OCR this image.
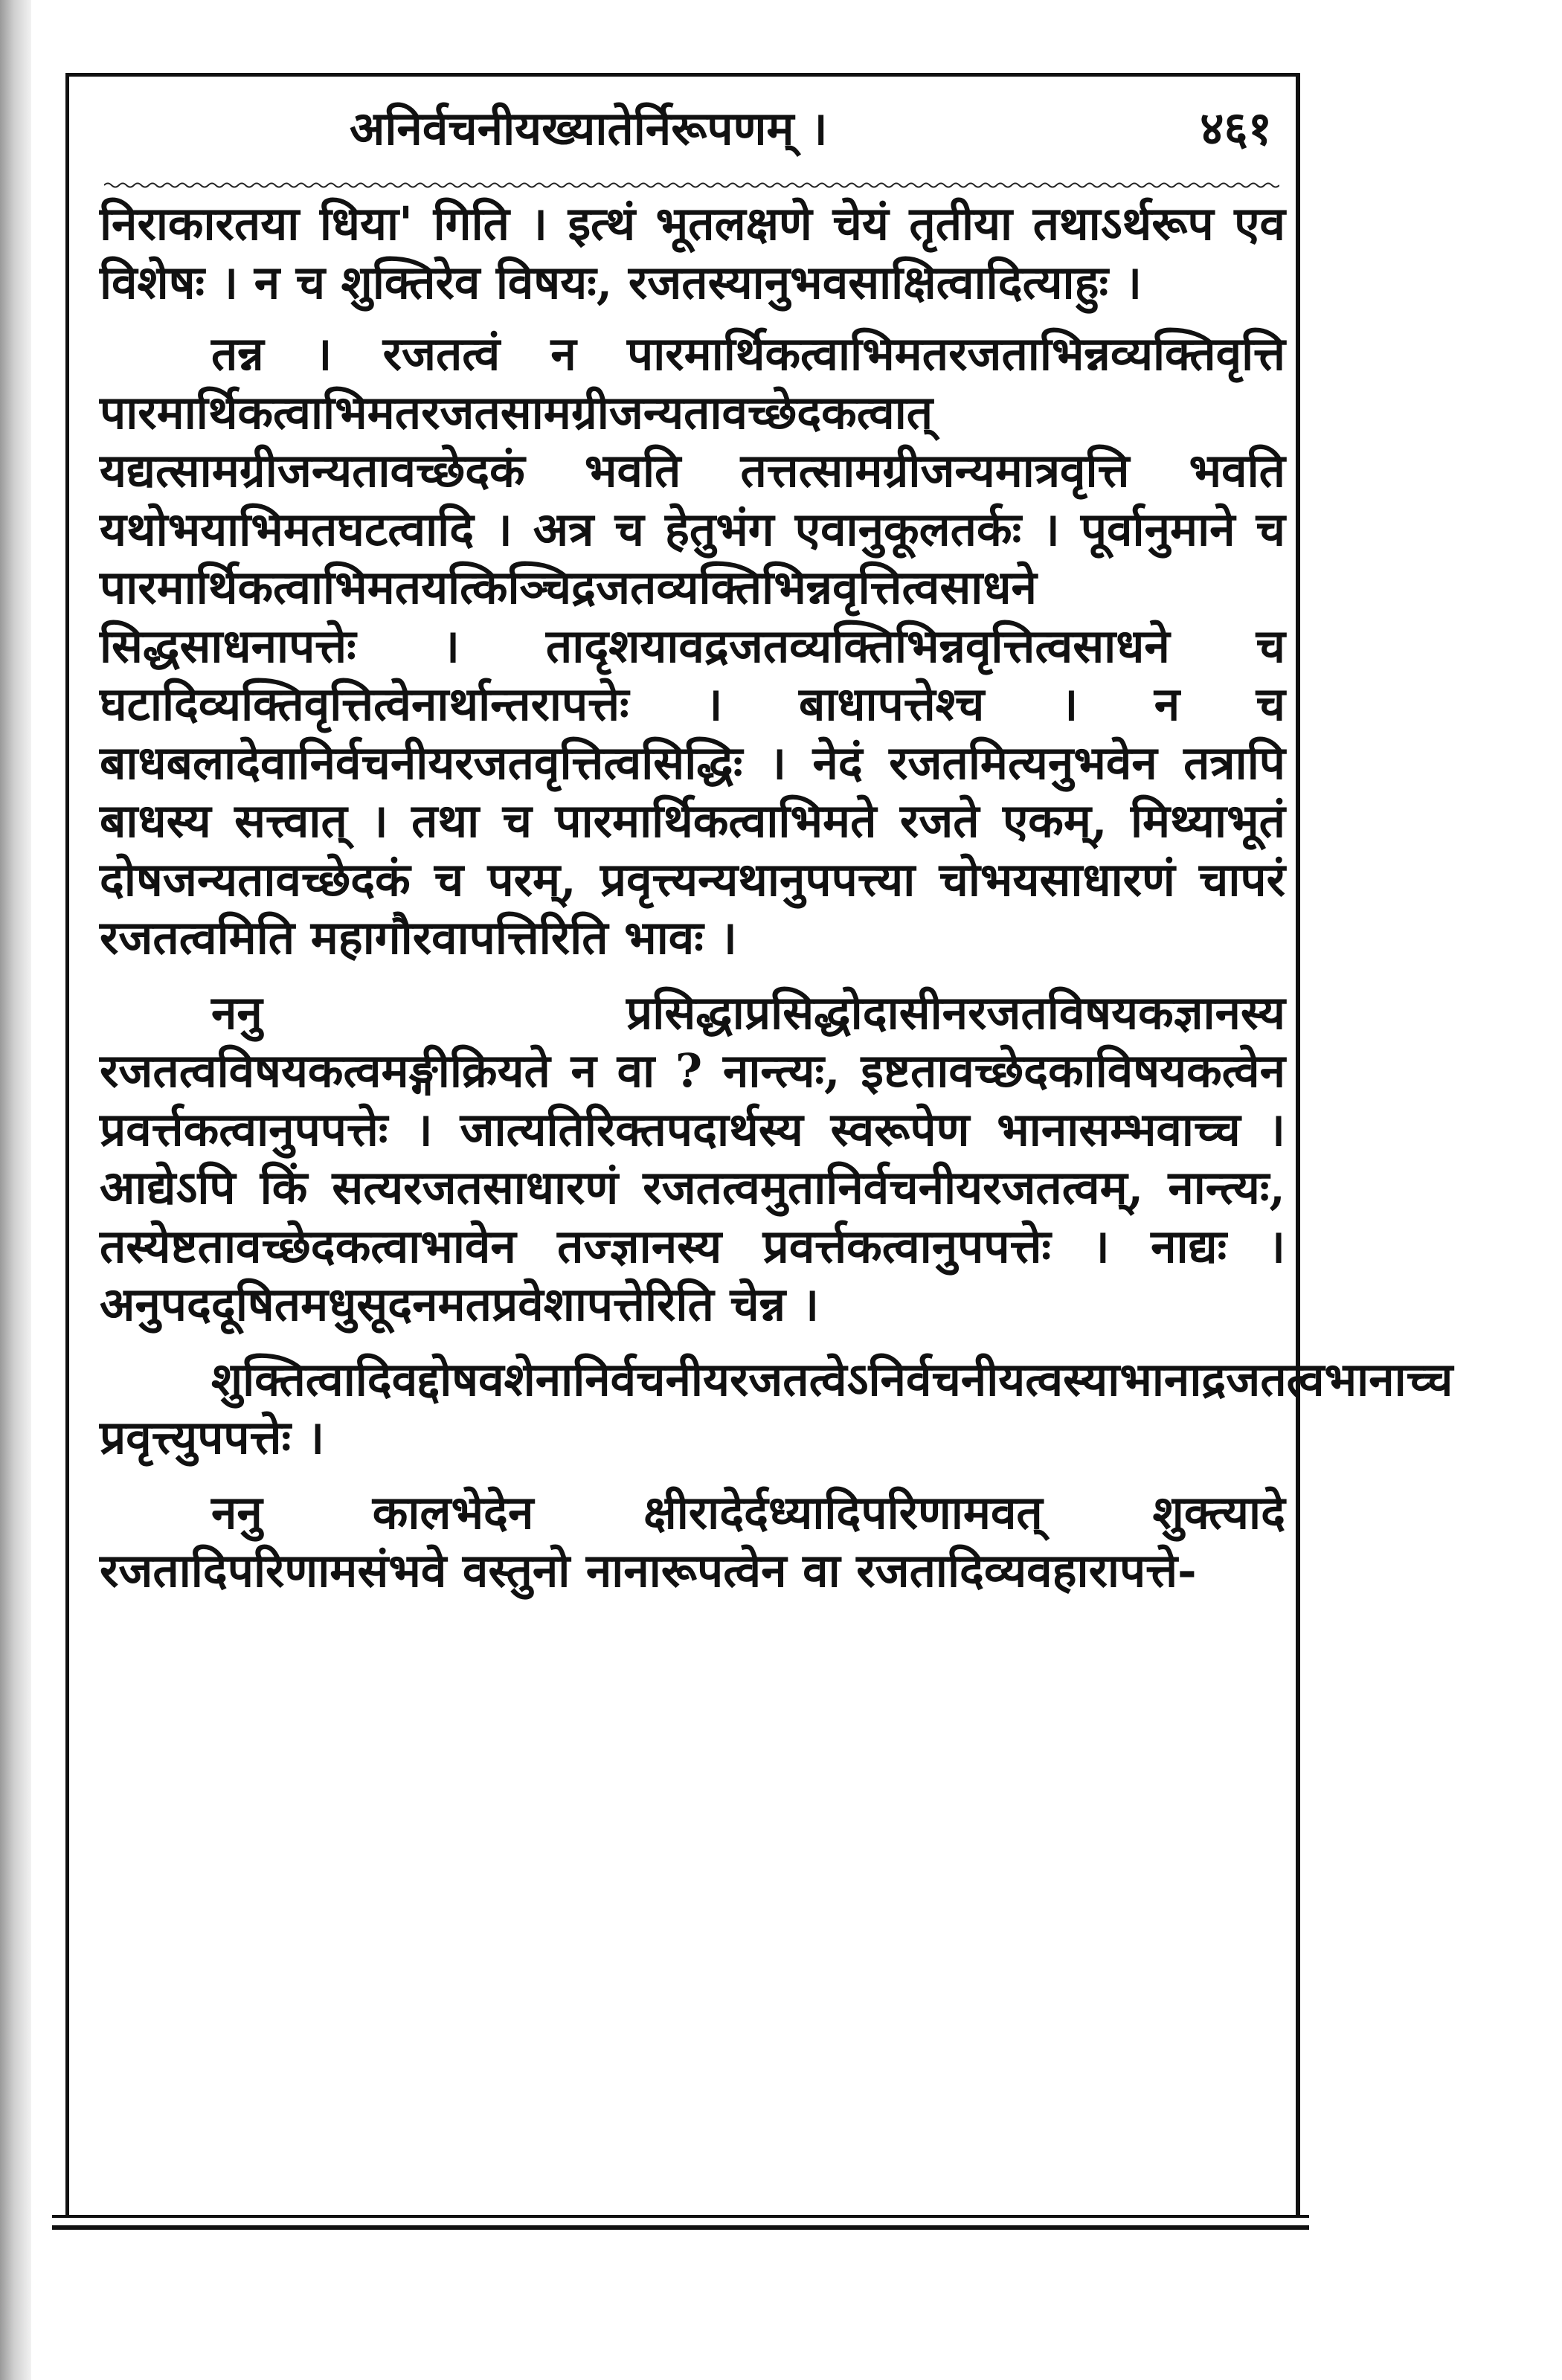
अनिर्वचनीयख्यातेर्निरूपणम् ।	४६१

निराकारतया धिया' गिति । इत्थं भूतलक्षणे चेयं तृतीया तथाऽर्थरूप एव विशेषः । न च शुक्तिरेव विषयः, रजतस्यानुभवसाक्षित्वादित्याहुः ।

तन्न । रजतत्वं न पारमार्थिकत्वाभिमतरजताभिन्नव्यक्तिवृत्ति पारमार्थिकत्वाभिमतरजतसामग्रीजन्यतावच्छेदकत्वात् यद्यत्सामग्रीजन्यतावच्छेदकं भवति तत्तत्सामग्रीजन्यमात्रवृत्ति भवति यथोभयाभिमतघटत्वादि । अत्र च हेतुभंग एवानुकूलतर्कः । पूर्वानुमाने च पारमार्थिकत्वाभिमतयत्किञ्चिद्रजतव्यक्तिभिन्नवृत्तित्वसाधने सिद्धसाधनापत्तेः । तादृशयावद्रजतव्यक्तिभिन्नवृत्तित्वसाधने च घटादिव्यक्तिवृत्तित्वेनार्थान्तरापत्तेः । बाधापत्तेश्च । न च बाधबलादेवानिर्वचनीयरजतवृत्तित्वसिद्धिः । नेदं रजतमित्यनुभवेन तत्रापि बाधस्य सत्त्वात् । तथा च पारमार्थिकत्वाभिमते रजते एकम्, मिथ्याभूतं दोषजन्यतावच्छेदकं च परम्, प्रवृत्त्यन्यथानुपपत्त्या चोभयसाधारणं चापरं रजतत्वमिति महागौरवापत्तिरिति भावः ।

ननु प्रसिद्धाप्रसिद्धोदासीनरजतविषयकज्ञानस्य रजतत्वविषयकत्वमङ्गीक्रियते न वा ? नान्त्यः, इष्टतावच्छेदकाविषयकत्वेन प्रवर्त्तकत्वानुपपत्तेः । जात्यतिरिक्तपदार्थस्य स्वरूपेण भानासम्भवाच्च । आद्येऽपि किं सत्यरजतसाधारणं रजतत्वमुतानिर्वचनीयरजतत्वम्, नान्त्यः, तस्येष्टतावच्छेदकत्वाभावेन तज्ज्ञानस्य प्रवर्त्तकत्वानुपपत्तेः । नाद्यः । अनुपददूषितमधुसूदनमतप्रवेशापत्तेरिति चेन्न ।

शुक्तित्वादिवद्दोषवशेनानिर्वचनीयरजतत्वेऽनिर्वचनीयत्वस्याभानाद्रजतत्वभानाच्च प्रवृत्त्युपपत्तेः ।

ननु कालभेदेन क्षीरादेर्दध्यादिपरिणामवत् शुक्त्यादे रजतादिपरिणामसंभवे वस्तुनो नानारूपत्वेन वा रजतादिव्यवहारापत्ते-
